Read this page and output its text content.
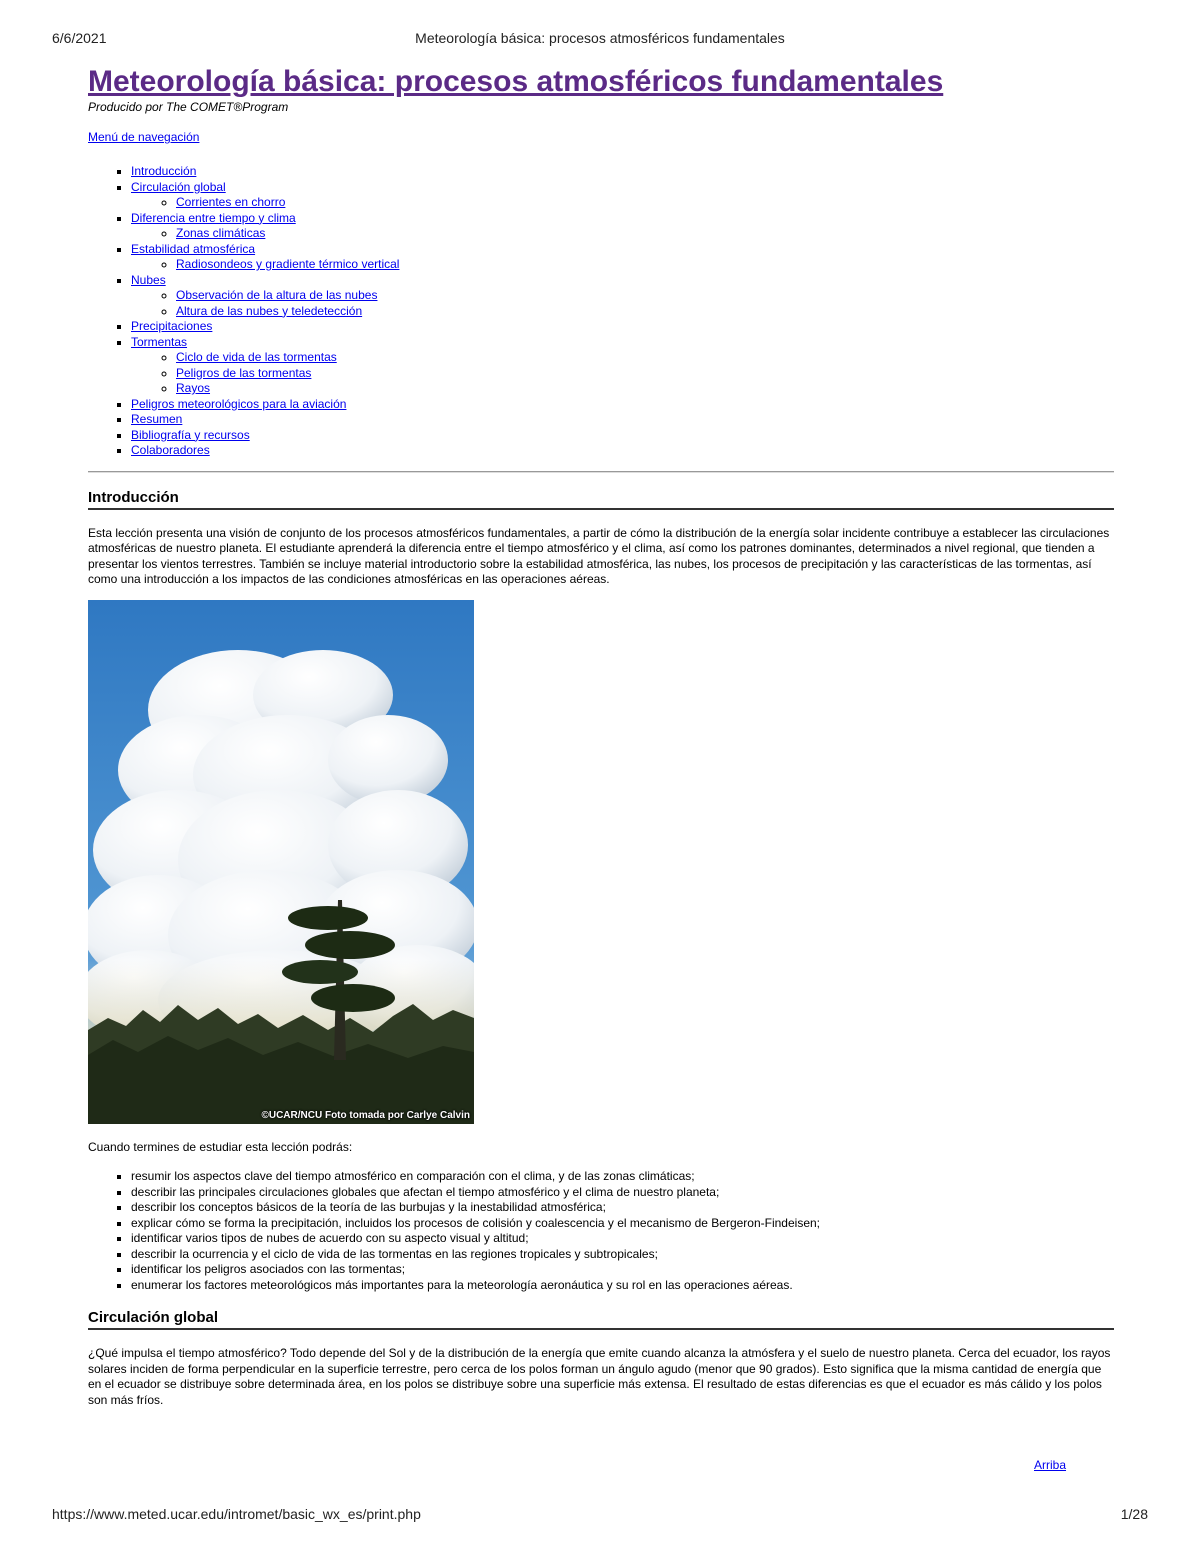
6/6/2021	Meteorología básica: procesos atmosféricos fundamentales
Meteorología básica: procesos atmosféricos fundamentales
Producido por The COMET®Program
Menú de navegación
▪ Introducción
▪ Circulación global
◦ Corrientes en chorro
▪ Diferencia entre tiempo y clima
◦ Zonas climáticas
▪ Estabilidad atmosférica
◦ Radiosondeos y gradiente térmico vertical
▪ Nubes
◦ Observación de la altura de las nubes
◦ Altura de las nubes y teledetección
▪ Precipitaciones
▪ Tormentas
◦ Ciclo de vida de las tormentas
◦ Peligros de las tormentas
◦ Rayos
▪ Peligros meteorológicos para la aviación
▪ Resumen
▪ Bibliografía y recursos
▪ Colaboradores
Introducción

Esta lección presenta una visión de conjunto de los procesos atmosféricos fundamentales, a partir de cómo la distribución de la energía solar incidente contribuye a establecer las circulaciones atmosféricas de nuestro planeta. El estudiante aprenderá la diferencia entre el tiempo atmosférico y el clima, así como los patrones dominantes, determinados a nivel regional, que tienden a presentar los vientos terrestres. También se incluye material introductorio sobre la estabilidad atmosférica, las nubes, los procesos de precipitación y las características de las tormentas, así como una introducción a los impactos de las condiciones atmosféricas en las operaciones aéreas.

©UCAR/NCU Foto tomada por Carlye Calvin

Cuando termines de estudiar esta lección podrás:

▪ resumir los aspectos clave del tiempo atmosférico en comparación con el clima, y de las zonas climáticas;
▪ describir las principales circulaciones globales que afectan el tiempo atmosférico y el clima de nuestro planeta;
▪ describir los conceptos básicos de la teoría de las burbujas y la inestabilidad atmosférica;
▪ explicar cómo se forma la precipitación, incluidos los procesos de colisión y coalescencia y el mecanismo de Bergeron-Findeisen;
▪ identificar varios tipos de nubes de acuerdo con su aspecto visual y altitud;
▪ describir la ocurrencia y el ciclo de vida de las tormentas en las regiones tropicales y subtropicales;
▪ identificar los peligros asociados con las tormentas;
▪ enumerar los factores meteorológicos más importantes para la meteorología aeronáutica y su rol en las operaciones aéreas.
Circulación global

¿Qué impulsa el tiempo atmosférico? Todo depende del Sol y de la distribución de la energía que emite cuando alcanza la atmósfera y el suelo de nuestro planeta. Cerca del ecuador, los rayos solares inciden de forma perpendicular en la superficie terrestre, pero cerca de los polos forman un ángulo agudo (menor que 90 grados). Esto significa que la misma cantidad de energía que en el ecuador se distribuye sobre determinada área, en los polos se distribuye sobre una superficie más extensa. El resultado de estas diferencias es que el ecuador es más cálido y los polos son más fríos.

Arriba
https://www.meted.ucar.edu/intromet/basic_wx_es/print.php	1/28
